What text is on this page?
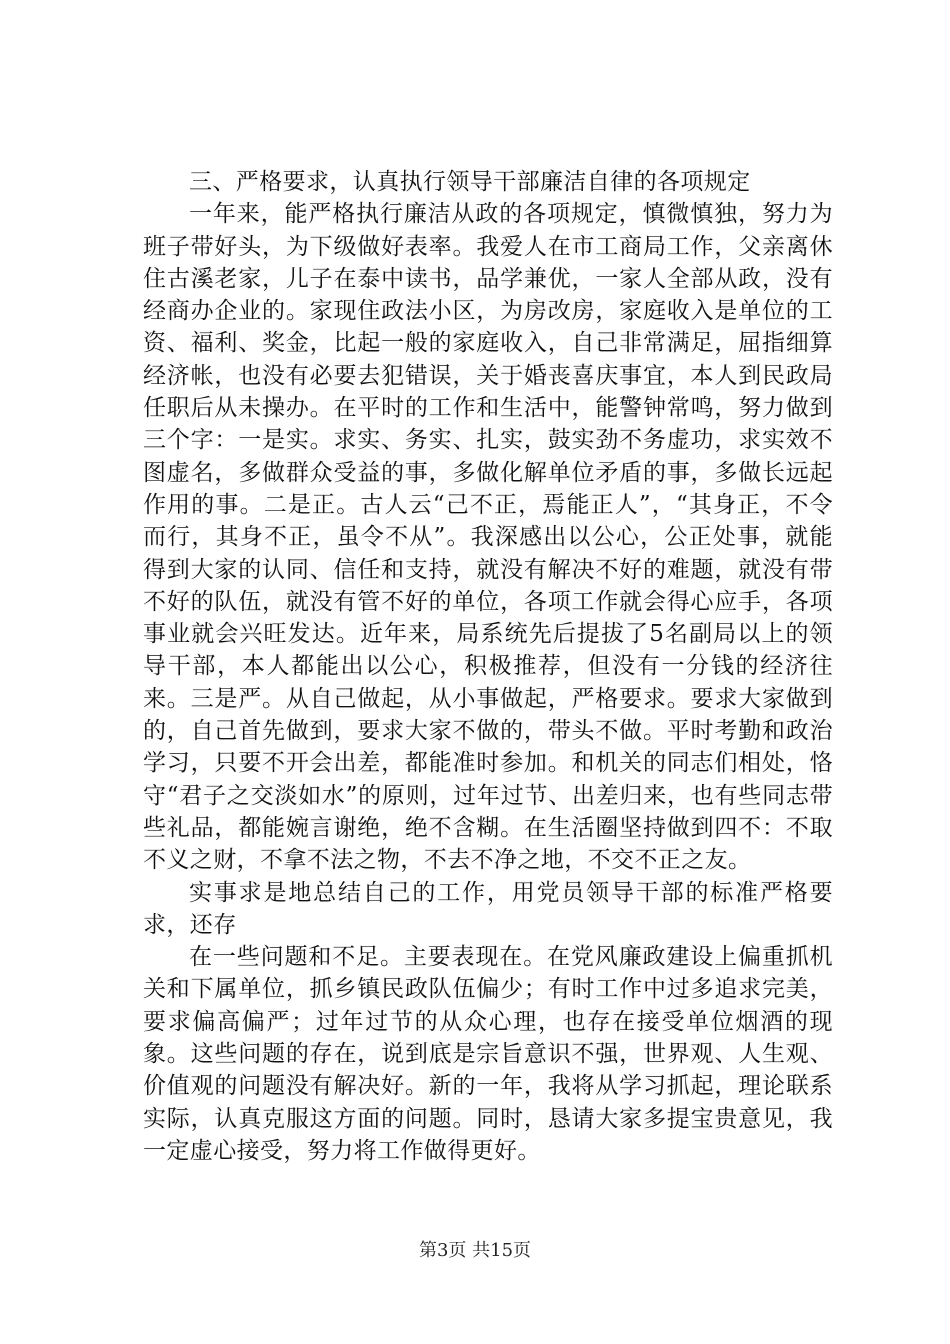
三、严格要求，认真执行领导干部廉洁自律的各项规定

一年来，能严格执行廉洁从政的各项规定，慎微慎独，努力为班子带好头，为下级做好表率。我爱人在市工商局工作，父亲离休住古溪老家，儿子在泰中读书，品学兼优，一家人全部从政，没有经商办企业的。家现住政法小区，为房改房，家庭收入是单位的工资、福利、奖金，比起一般的家庭收入，自己非常满足，屈指细算经济帐，也没有必要去犯错误，关于婚丧喜庆事宜，本人到民政局任职后从未操办。在平时的工作和生活中，能警钟常鸣，努力做到三个字：一是实。求实、务实、扎实，鼓实劲不务虚功，求实效不图虚名，多做群众受益的事，多做化解单位矛盾的事，多做长远起作用的事。二是正。古人云“己不正，焉能正人”，“其身正，不令而行，其身不正，虽令不从”。我深感出以公心，公正处事，就能得到大家的认同、信任和支持，就没有解决不好的难题，就没有带不好的队伍，就没有管不好的单位，各项工作就会得心应手，各项事业就会兴旺发达。近年来，局系统先后提拔了5名副局以上的领导干部，本人都能出以公心，积极推荐，但没有一分钱的经济往来。三是严。从自己做起，从小事做起，严格要求。要求大家做到的，自己首先做到，要求大家不做的，带头不做。平时考勤和政治学习，只要不开会出差，都能准时参加。和机关的同志们相处，恪守“君子之交淡如水”的原则，过年过节、出差归来，也有些同志带些礼品，都能婉言谢绝，绝不含糊。在生活圈坚持做到四不：不取不义之财，不拿不法之物，不去不净之地，不交不正之友。

实事求是地总结自己的工作，用党员领导干部的标准严格要求，还存

在一些问题和不足。主要表现在。在党风廉政建设上偏重抓机关和下属单位，抓乡镇民政队伍偏少；有时工作中过多追求完美，要求偏高偏严；过年过节的从众心理，也存在接受单位烟酒的现象。这些问题的存在，说到底是宗旨意识不强，世界观、人生观、价值观的问题没有解决好。新的一年，我将从学习抓起，理论联系实际，认真克服这方面的问题。同时，恳请大家多提宝贵意见，我一定虚心接受，努力将工作做得更好。

第3页 共15页
